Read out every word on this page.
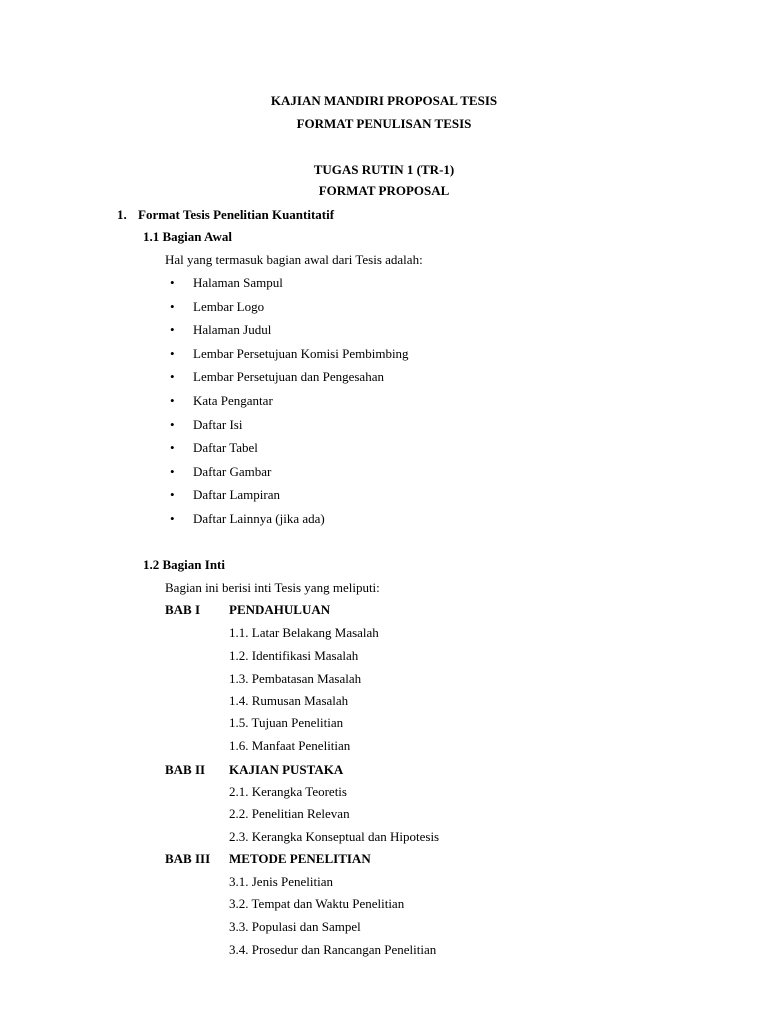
KAJIAN MANDIRI PROPOSAL TESIS
FORMAT PENULISAN TESIS
TUGAS RUTIN 1 (TR-1)
FORMAT PROPOSAL
1. Format Tesis Penelitian Kuantitatif
1.1 Bagian Awal
Hal yang termasuk bagian awal dari Tesis adalah:
• Halaman Sampul
• Lembar Logo
• Halaman Judul
• Lembar Persetujuan Komisi Pembimbing
• Lembar Persetujuan dan Pengesahan
• Kata Pengantar
• Daftar Isi
• Daftar Tabel
• Daftar Gambar
• Daftar Lampiran
• Daftar Lainnya (jika ada)
1.2 Bagian Inti
Bagian ini berisi inti Tesis yang meliputi:
BAB I PENDAHULUAN
1.1. Latar Belakang Masalah
1.2. Identifikasi Masalah
1.3. Pembatasan Masalah
1.4. Rumusan Masalah
1.5. Tujuan Penelitian
1.6. Manfaat Penelitian
BAB II KAJIAN PUSTAKA
2.1. Kerangka Teoretis
2.2. Penelitian Relevan
2.3. Kerangka Konseptual dan Hipotesis
BAB III METODE PENELITIAN
3.1. Jenis Penelitian
3.2. Tempat dan Waktu Penelitian
3.3. Populasi dan Sampel
3.4. Prosedur dan Rancangan Penelitian
